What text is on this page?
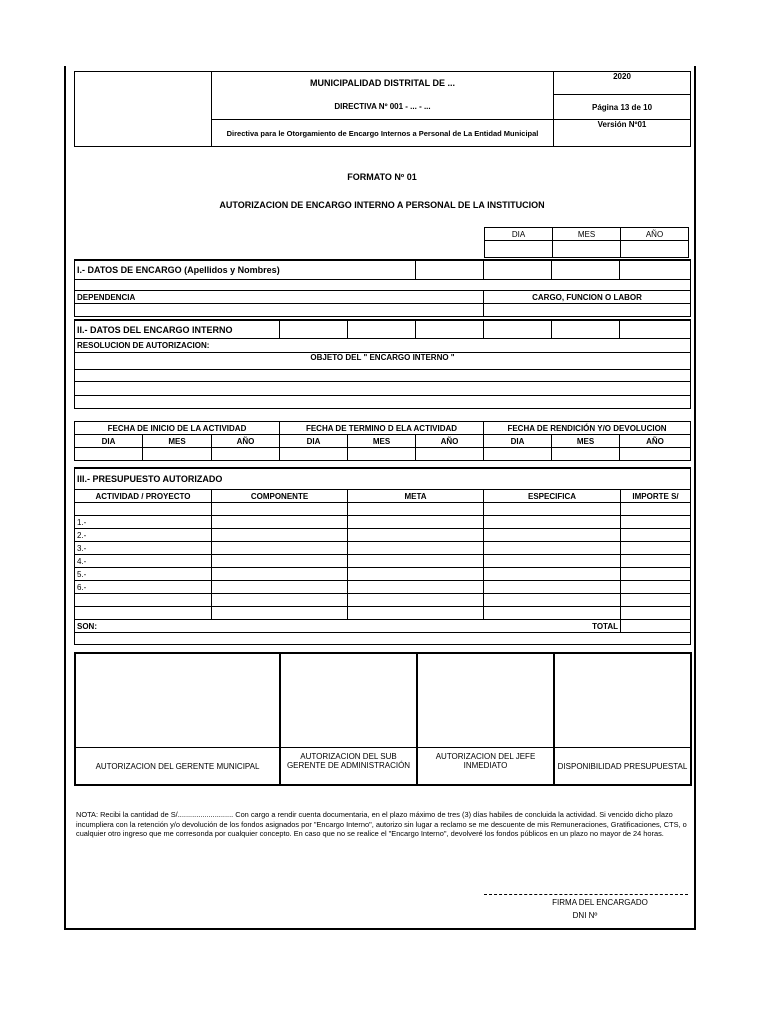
	MUNICIPALIDAD DISTRITAL DE ...	2020
	DIRECTIVA Nº 001 - ... - ...	Página 13 de 10
	Directiva para le Otorgamiento de Encargo Internos a Personal de La Entidad Municipal	Versión Nº01
FORMATO Nº 01
AUTORIZACION DE ENCARGO INTERNO A PERSONAL DE LA INSTITUCION
DIA	MES	AÑO

I.- DATOS DE ENCARGO (Apellidos y Nombres)				

DEPENDENCIA		CARGO, FUNCION O LABOR		

II.- DATOS DEL ENCARGO INTERNO								
RESOLUCION DE AUTORIZACION:								
OBJETO DEL " ENCARGO INTERNO "								

FECHA DE INICIO DE LA ACTIVIDAD			FECHA DE TERMINO D ELA ACTIVIDAD			FECHA DE RENDICIÓN Y/O DEVOLUCION		
DIA	MES	AÑO	DIA	MES	AÑO	DIA	MES	AÑO

III.- PRESUPUESTO AUTORIZADO				
ACTIVIDAD / PROYECTO	COMPONENTE	META	ESPECIFICA	IMPORTE S/

1.-				
2.-				
3.-				
4.-				
5.-				
6.-				

SON:			TOTAL	

AUTORIZACION DEL GERENTE MUNICIPAL	AUTORIZACION DEL SUB GERENTE DE ADMINISTRACIÓN	AUTORIZACION DEL JEFE INMEDIATO	DISPONIBILIDAD PRESUPUESTAL
NOTA: Recibi la cantidad de S/........................... Con cargo a rendir cuenta documentaria, en el plazo máximo de tres (3) días habiles de concluida la actividad. Si vencido dicho plazo incumpliera con la retención y/o devolución de los fondos asignados por "Encargo Interno", autorizo sin lugar a reclamo se me descuente de mis Remuneraciones, Gratificaciones, CTS, o cualquier otro ingreso que me corresonda por cualquier concepto. En caso que no se realice el "Encargo Interno", devolveré los fondos públicos en un plazo no mayor de 24 horas.
FIRMA DEL ENCARGADO
DNI Nº
